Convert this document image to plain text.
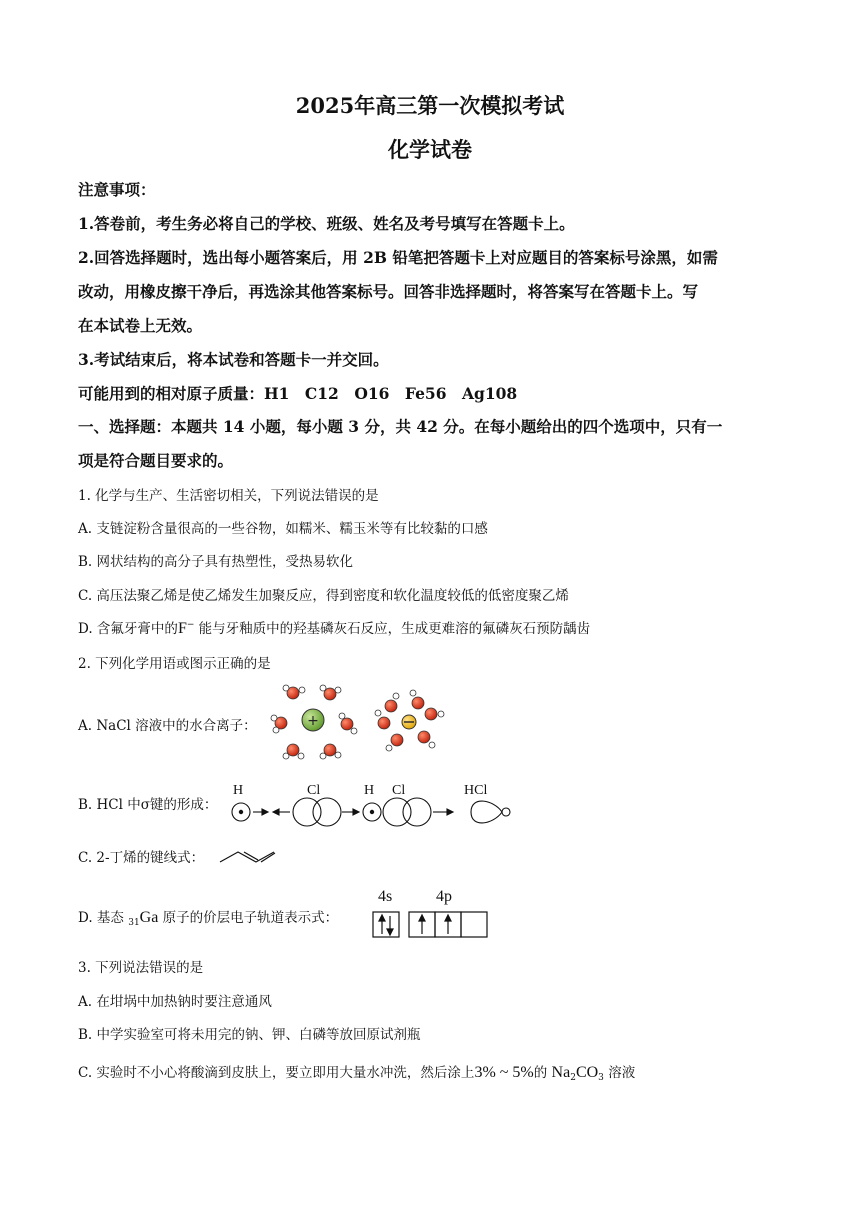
2025年高三第一次模拟考试
化学试卷
注意事项：
1.答卷前，考生务必将自己的学校、班级、姓名及考号填写在答题卡上。
2.回答选择题时，选出每小题答案后，用 2B 铅笔把答题卡上对应题目的答案标号涂黑，如需
改动，用橡皮擦干净后，再选涂其他答案标号。回答非选择题时，将答案写在答题卡上。写
在本试卷上无效。
3.考试结束后，将本试卷和答题卡一并交回。
可能用到的相对原子质量：H1　C12　O16　Fe56　Ag108
一、选择题：本题共 14 小题，每小题 3 分，共 42 分。在每小题给出的四个选项中，只有一
项是符合题目要求的。
1. 化学与生产、生活密切相关，下列说法错误的是
A. 支链淀粉含量很高的一些谷物，如糯米、糯玉米等有比较黏的口感
B. 网状结构的高分子具有热塑性，受热易软化
C. 高压法聚乙烯是使乙烯发生加聚反应，得到密度和软化温度较低的低密度聚乙烯
D. 含氟牙膏中的F− 能与牙釉质中的羟基磷灰石反应，生成更难溶的氟磷灰石预防龋齿
2. 下列化学用语或图示正确的是
A. NaCl 溶液中的水合离子：	+
B. HCl 中σ键的形成：
H	Cl	H Cl	HCl
C. 2-丁烯的键线式：
D. 基态 $_{31}$Ga 原子的价层电子轨道表示式：
4s	4p
3. 下列说法错误的是
A. 在坩埚中加热钠时要注意通风
B. 中学实验室可将未用完的钠、钾、白磷等放回原试剂瓶
C. 实验时不小心将酸滴到皮肤上，要立即用大量水冲洗，然后涂上3% ~ 5%的 $Na_2CO_3$ 溶液
